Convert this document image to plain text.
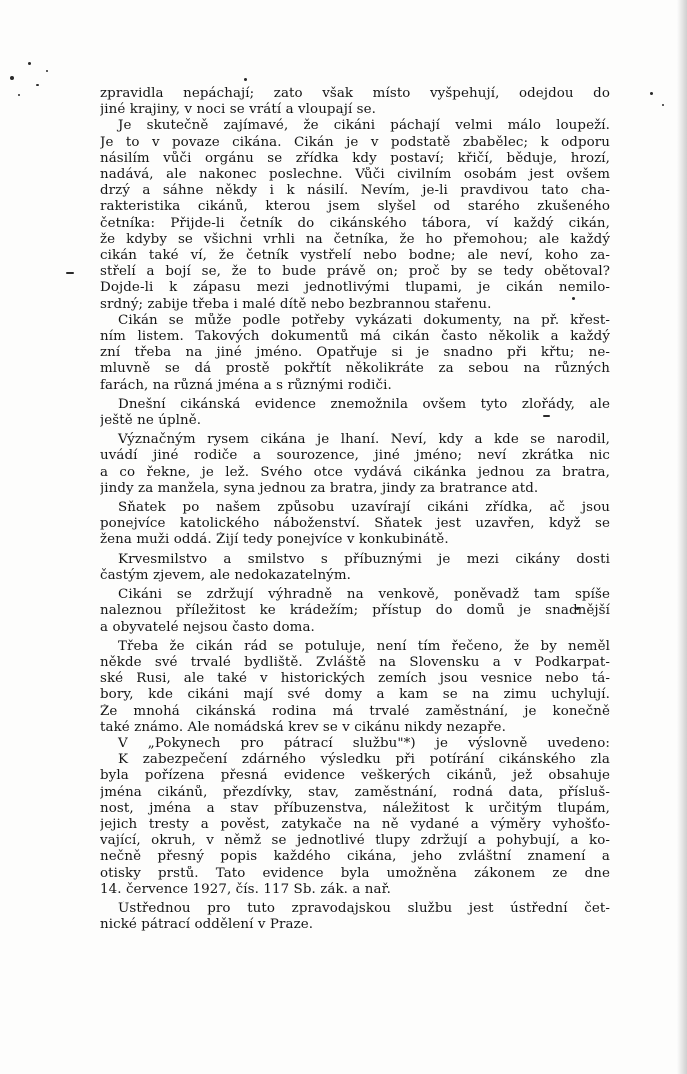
zpravidla nepáchají; zato však místo vyšpehují, odejdou do
jiné krajiny, v noci se vrátí a vloupají se.
Je skutečně zajímavé, že cikáni páchají velmi málo loupeží.
Je to v povaze cikána. Cikán je v podstatě zbabělec; k odporu
násilím vůči orgánu se zřídka kdy postaví; křičí, běduje, hrozí,
nadává, ale nakonec poslechne. Vůči civilním osobám jest ovšem
drzý a sáhne někdy i k násilí. Nevím, je-li pravdivou tato cha-
rakteristika cikánů, kterou jsem slyšel od starého zkušeného
četníka: Přijde-li četník do cikánského tábora, ví každý cikán,
že kdyby se všichni vrhli na četníka, že ho přemohou; ale každý
cikán také ví, že četník vystřelí nebo bodne; ale neví, koho za-
střelí a bojí se, že to bude právě on; proč by se tedy obětoval?
Dojde-li k zápasu mezi jednotlivými tlupami, je cikán nemilo-
srdný; zabije třeba i malé dítě nebo bezbrannou stařenu.
Cikán se může podle potřeby vykázati dokumenty, na př. křest-
ním listem. Takových dokumentů má cikán často několik a každý
zní třeba na jiné jméno. Opatřuje si je snadno při křtu; ne-
mluvně se dá prostě pokřtít několikráte za sebou na různých
farách, na různá jména a s různými rodiči.
Dnešní cikánská evidence znemožnila ovšem tyto zlořády, ale
ještě ne úplně.
Význačným rysem cikána je lhaní. Neví, kdy a kde se narodil,
uvádí jiné rodiče a sourozence, jiné jméno; neví zkrátka nic
a co řekne, je lež. Svého otce vydává cikánka jednou za bratra,
jindy za manžela, syna jednou za bratra, jindy za bratrance atd.
Sňatek po našem způsobu uzavírají cikáni zřídka, ač jsou
ponejvíce katolického náboženství. Sňatek jest uzavřen, když se
žena muži oddá. Žijí tedy ponejvíce v konkubinátě.
Krvesmilstvo a smilstvo s příbuznými je mezi cikány dosti
častým zjevem, ale nedokazatelným.
Cikáni se zdržují výhradně na venkově, poněvadž tam spíše
naleznou příležitost ke krádežím; přístup do domů je snadnější
a obyvatelé nejsou často doma.
Třeba že cikán rád se potuluje, není tím řečeno, že by neměl
někde své trvalé bydliště. Zvláště na Slovensku a v Podkarpat-
ské Rusi, ale také v historických zemích jsou vesnice nebo tá-
bory, kde cikáni mají své domy a kam se na zimu uchylují.
Že mnohá cikánská rodina má trvalé zaměstnání, je konečně
také známo. Ale nomádská krev se v cikánu nikdy nezapře.
V „Pokynech pro pátrací službu"*) je výslovně uvedeno:
K zabezpečení zdárného výsledku při potírání cikánského zla
byla pořízena přesná evidence veškerých cikánů, jež obsahuje
jména cikánů, přezdívky, stav, zaměstnání, rodná data, přísluš-
nost, jména a stav příbuzenstva, náležitost k určitým tlupám,
jejich tresty a pověst, zatykače na ně vydané a výměry vyhošťo-
vající, okruh, v němž se jednotlivé tlupy zdržují a pohybují, a ko-
nečně přesný popis každého cikána, jeho zvláštní znamení a
otisky prstů. Tato evidence byla umožněna zákonem ze dne
14. července 1927, čís. 117 Sb. zák. a nař.
Ústřednou pro tuto zpravodajskou službu jest ústřední čet-
nické pátrací oddělení v Praze.
